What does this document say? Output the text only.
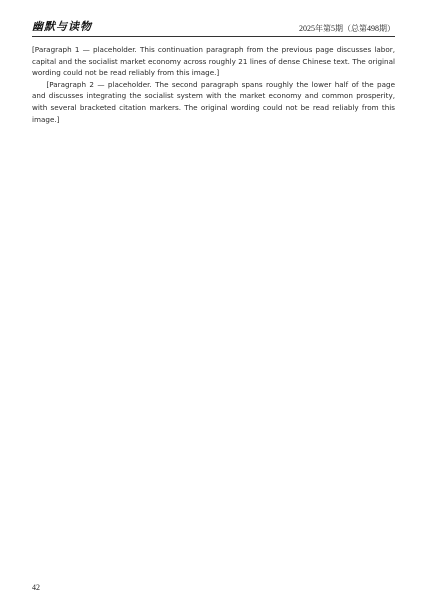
幽默与读物	2025年第5期（总第498期）

[Paragraph 1 — placeholder. This continuation paragraph from the previous page discusses labor, capital and the socialist market economy across roughly 21 lines of dense Chinese text. The original wording could not be read reliably from this image.]

[Paragraph 2 — placeholder. The second paragraph spans roughly the lower half of the page and discusses integrating the socialist system with the market economy and common prosperity, with several bracketed citation markers. The original wording could not be read reliably from this image.]

42
